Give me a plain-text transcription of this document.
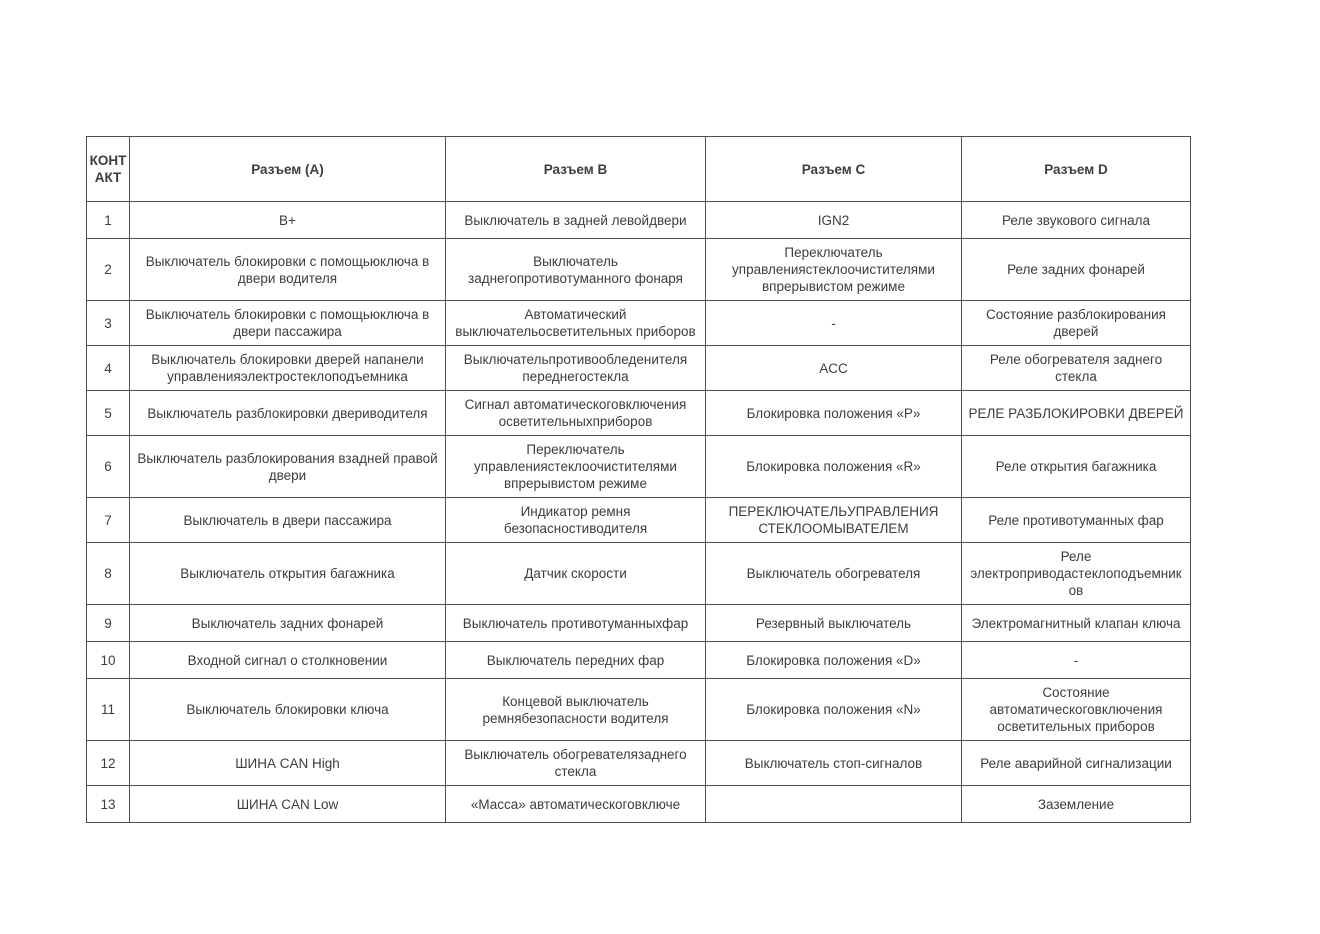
КОНТАКТ	Разъем (A)	Разъем B	Разъем C	Разъем D
1	B+	Выключатель в задней левойдвери	IGN2	Реле звукового сигнала
2	Выключатель блокировки с помощьюключа в двери водителя	Выключатель заднегопротивотуманного фонаря	Переключатель управлениястеклоочистителями впрерывистом режиме	Реле задних фонарей
3	Выключатель блокировки с помощьюключа в двери пассажира	Автоматический выключательосветительных приборов	-	Состояние разблокирования дверей
4	Выключатель блокировки дверей напанели управленияэлектростеклоподъемника	Выключательпротивообледенителя переднегостекла	ACC	Реле обогревателя заднего стекла
5	Выключатель разблокировки двериводителя	Сигнал автоматическоговключения осветительныхприборов	Блокировка положения «P»	РЕЛЕ РАЗБЛОКИРОВКИ ДВЕРЕЙ
6	Выключатель разблокирования взадней правой двери	Переключатель управлениястеклоочистителями впрерывистом режиме	Блокировка положения «R»	Реле открытия багажника
7	Выключатель в двери пассажира	Индикатор ремня безопасностиводителя	ПЕРЕКЛЮЧАТЕЛЬУПРАВЛЕНИЯ СТЕКЛООМЫВАТЕЛЕМ	Реле противотуманных фар
8	Выключатель открытия багажника	Датчик скорости	Выключатель обогревателя	Реле электроприводастеклоподъемников
9	Выключатель задних фонарей	Выключатель противотуманныхфар	Резервный выключатель	Электромагнитный клапан ключа
10	Входной сигнал о столкновении	Выключатель передних фар	Блокировка положения «D»	-
11	Выключатель блокировки ключа	Концевой выключатель ремнябезопасности водителя	Блокировка положения «N»	Состояние автоматическоговключения осветительных приборов
12	ШИНА CAN High	Выключатель обогревателязаднего стекла	Выключатель стоп-сигналов	Реле аварийной сигнализации
13	ШИНА CAN Low	«Масса» автоматическоговключе		Заземление
